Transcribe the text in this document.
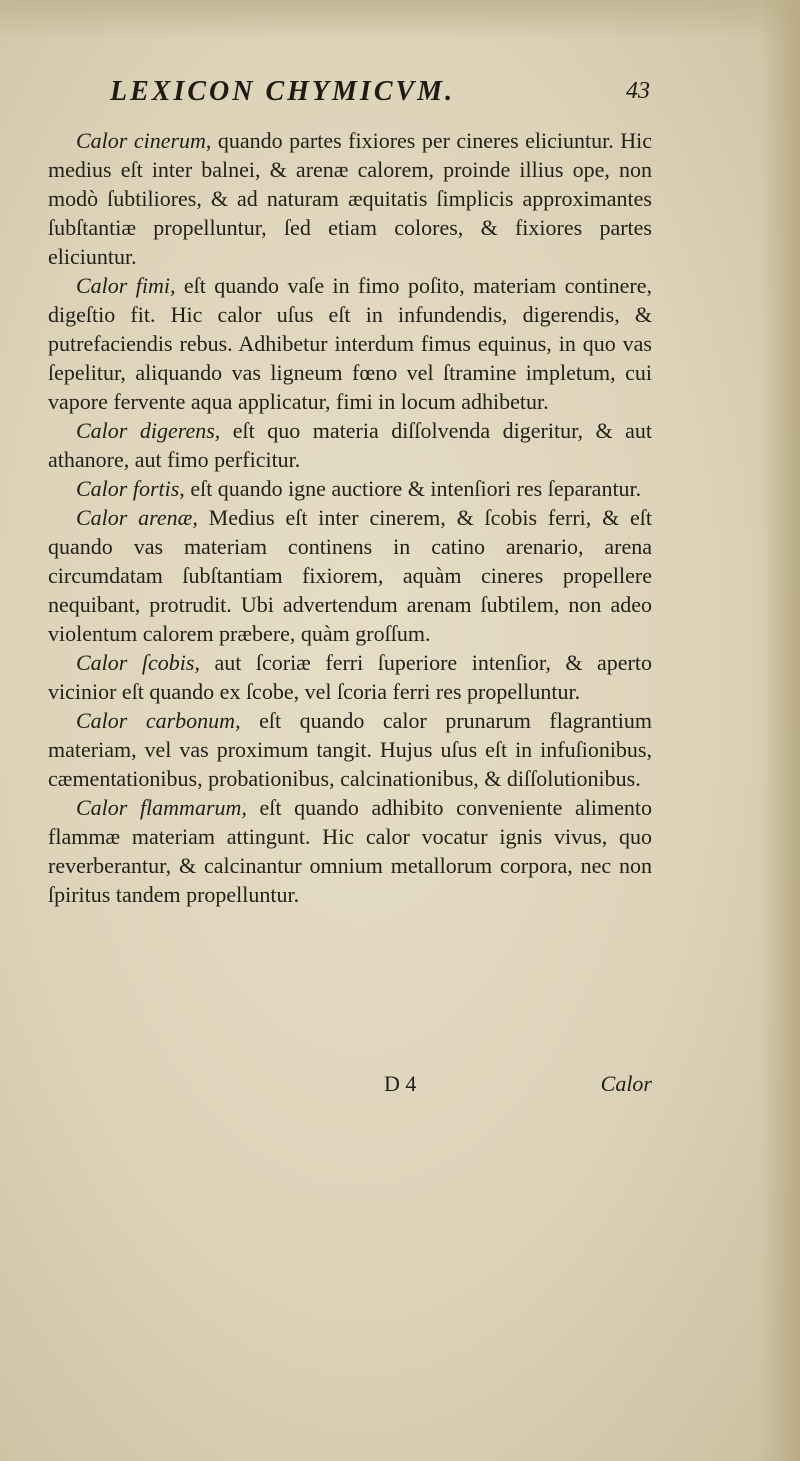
LEXICON CHYMICVM.	43

Calor cinerum, quando partes fixiores per cineres eliciuntur. Hic medius eſt inter balnei, & arenæ calorem, proinde illius ope, non modò ſubtiliores, & ad naturam æquitatis ſimplicis approximantes ſubſtantiæ propelluntur, ſed etiam colores, & fixiores partes eliciuntur.

Calor fimi, eſt quando vaſe in fimo poſito, materiam continere, digeſtio fit. Hic calor uſus eſt in infundendis, digerendis, & putrefaciendis rebus. Adhibetur interdum fimus equinus, in quo vas ſepelitur, aliquando vas ligneum fœno vel ſtramine impletum, cui vapore fervente aqua applicatur, fimi in locum adhibetur.

Calor digerens, eſt quo materia diſſolvenda digeritur, & aut athanore, aut fimo perficitur.

Calor fortis, eſt quando igne auctiore & intenſiori res ſeparantur.

Calor arenæ, Medius eſt inter cinerem, & ſcobis ferri, & eſt quando vas materiam continens in catino arenario, arena circumdatam ſubſtantiam fixiorem, aquàm cineres propellere nequibant, protrudit. Ubi advertendum arenam ſubtilem, non adeo violentum calorem præbere, quàm groſſum.

Calor ſcobis, aut ſcoriæ ferri ſuperiore intenſior, & aperto vicinior eſt quando ex ſcobe, vel ſcoria ferri res propelluntur.

Calor carbonum, eſt quando calor prunarum flagrantium materiam, vel vas proximum tangit. Hujus uſus eſt in infuſionibus, cæmentationibus, probationibus, calcinationibus, & diſſolutionibus.

Calor flammarum, eſt quando adhibito conveniente alimento flammæ materiam attingunt. Hic calor vocatur ignis vivus, quo reverberantur, & calcinantur omnium metallorum corpora, nec non ſpiritus tandem propelluntur.

D 4	Calor
